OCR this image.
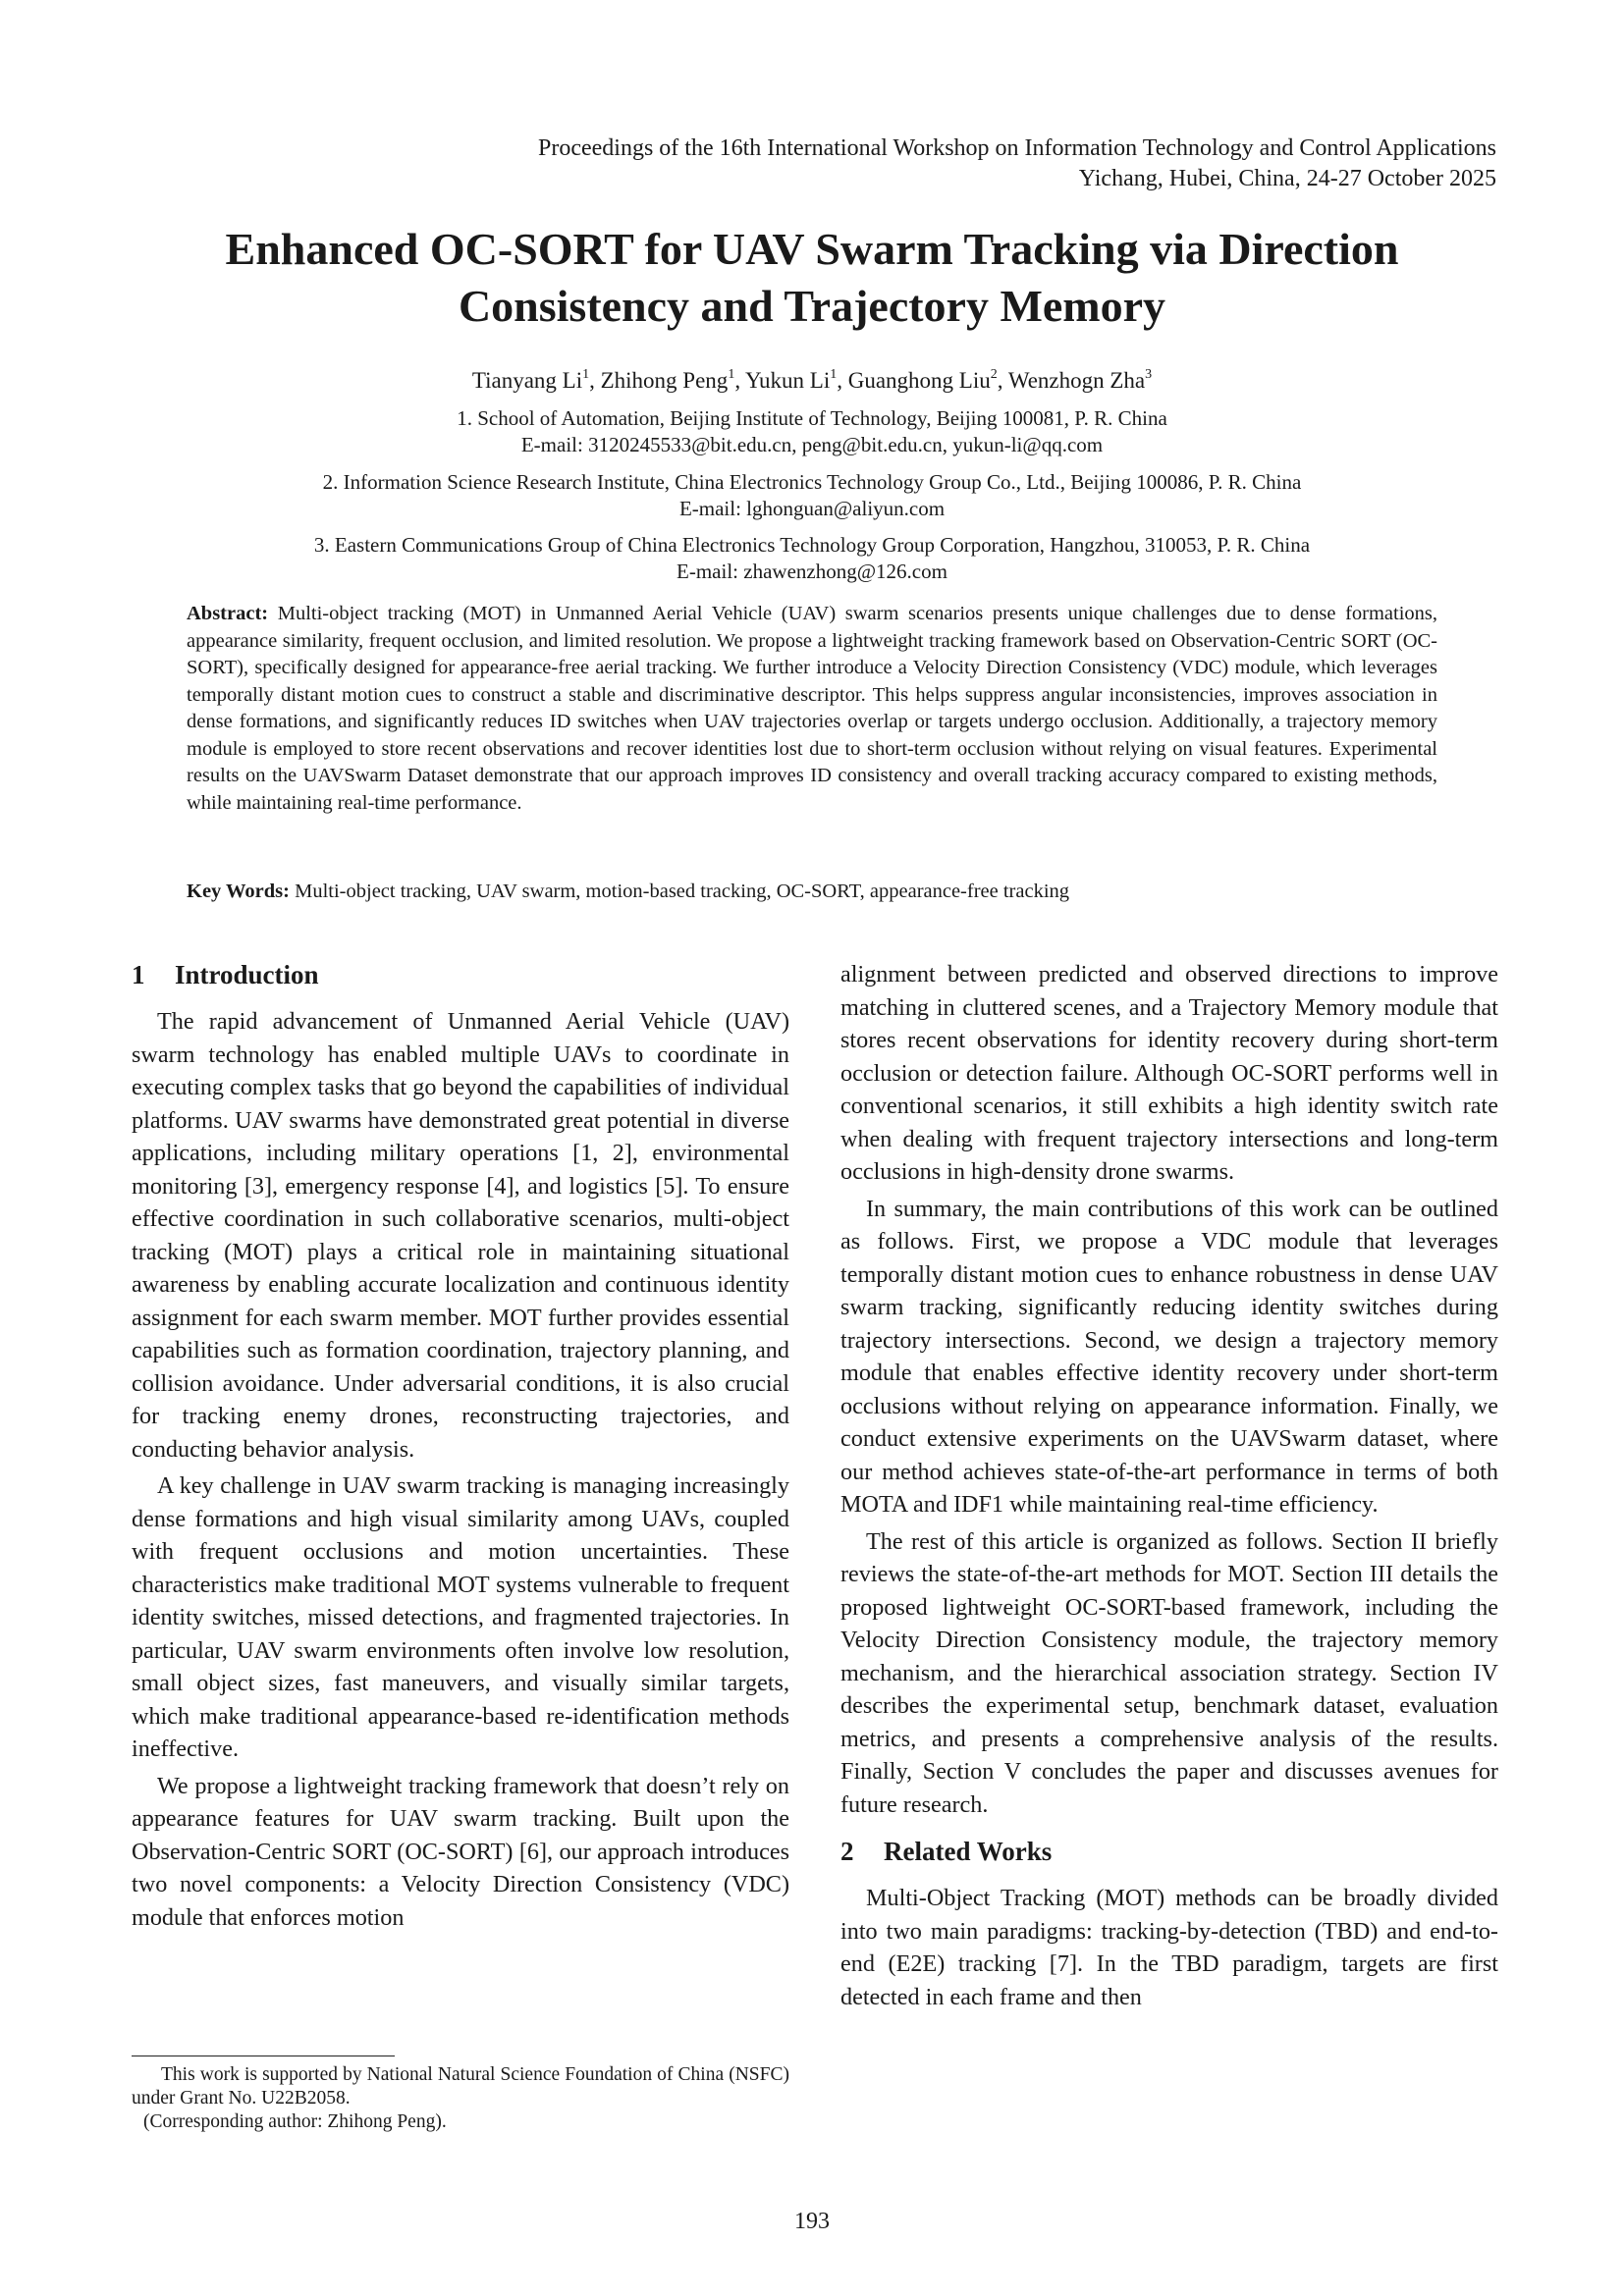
Proceedings of the 16th International Workshop on Information Technology and Control Applications
Yichang, Hubei, China, 24-27 October 2025
Enhanced OC-SORT for UAV Swarm Tracking via Direction
Consistency and Trajectory Memory
Tianyang Li$^1$, Zhihong Peng$^1$, Yukun Li$^1$, Guanghong Liu$^2$, Wenzhogn Zha$^3$
1. School of Automation, Beijing Institute of Technology, Beijing 100081, P. R. China
E-mail: 3120245533@bit.edu.cn, peng@bit.edu.cn, yukun-li@qq.com
2. Information Science Research Institute, China Electronics Technology Group Co., Ltd., Beijing 100086, P. R. China
E-mail: lghonguan@aliyun.com
3. Eastern Communications Group of China Electronics Technology Group Corporation, Hangzhou, 310053, P. R. China
E-mail: zhawenzhong@126.com
Abstract: Multi-object tracking (MOT) in Unmanned Aerial Vehicle (UAV) swarm scenarios presents unique challenges due to dense formations, appearance similarity, frequent occlusion, and limited resolution. We propose a lightweight tracking framework based on Observation-Centric SORT (OC-SORT), specifically designed for appearance-free aerial tracking. We further introduce a Velocity Direction Consistency (VDC) module, which leverages temporally distant motion cues to construct a stable and discriminative descriptor. This helps suppress angular inconsistencies, improves association in dense formations, and significantly reduces ID switches when UAV trajectories overlap or targets undergo occlusion. Additionally, a trajectory memory module is employed to store recent observations and recover identities lost due to short-term occlusion without relying on visual features. Experimental results on the UAVSwarm Dataset demonstrate that our approach improves ID consistency and overall tracking accuracy compared to existing methods, while maintaining real-time performance.
Key Words: Multi-object tracking, UAV swarm, motion-based tracking, OC-SORT, appearance-free tracking
1 Introduction

The rapid advancement of Unmanned Aerial Vehicle (UAV) swarm technology has enabled multiple UAVs to coordinate in executing complex tasks that go beyond the capabilities of individual platforms. UAV swarms have demonstrated great potential in diverse applications, including military operations [1, 2], environmental monitoring [3], emergency response [4], and logistics [5]. To ensure effective coordination in such collaborative scenarios, multi-object tracking (MOT) plays a critical role in maintaining situational awareness by enabling accurate localization and continuous identity assignment for each swarm member. MOT further provides essential capabilities such as formation coordination, trajectory planning, and collision avoidance. Under adversarial conditions, it is also crucial for tracking enemy drones, reconstructing trajectories, and conducting behavior analysis.

A key challenge in UAV swarm tracking is managing increasingly dense formations and high visual similarity among UAVs, coupled with frequent occlusions and motion uncertainties. These characteristics make traditional MOT systems vulnerable to frequent identity switches, missed detections, and fragmented trajectories. In particular, UAV swarm environments often involve low resolution, small object sizes, fast maneuvers, and visually similar targets, which make traditional appearance-based re-identification methods ineffective.

We propose a lightweight tracking framework that doesn’t rely on appearance features for UAV swarm tracking. Built upon the Observation-Centric SORT (OC-SORT) [6], our approach introduces two novel components: a Velocity Direction Consistency (VDC) module that enforces motion

This work is supported by National Natural Science Foundation of China (NSFC) under Grant No. U22B2058.
(Corresponding author: Zhihong Peng).

alignment between predicted and observed directions to improve matching in cluttered scenes, and a Trajectory Memory module that stores recent observations for identity recovery during short-term occlusion or detection failure. Although OC-SORT performs well in conventional scenarios, it still exhibits a high identity switch rate when dealing with frequent trajectory intersections and long-term occlusions in high-density drone swarms.

In summary, the main contributions of this work can be outlined as follows. First, we propose a VDC module that leverages temporally distant motion cues to enhance robustness in dense UAV swarm tracking, significantly reducing identity switches during trajectory intersections. Second, we design a trajectory memory module that enables effective identity recovery under short-term occlusions without relying on appearance information. Finally, we conduct extensive experiments on the UAVSwarm dataset, where our method achieves state-of-the-art performance in terms of both MOTA and IDF1 while maintaining real-time efficiency.

The rest of this article is organized as follows. Section II briefly reviews the state-of-the-art methods for MOT. Section III details the proposed lightweight OC-SORT-based framework, including the Velocity Direction Consistency module, the trajectory memory mechanism, and the hierarchical association strategy. Section IV describes the experimental setup, benchmark dataset, evaluation metrics, and presents a comprehensive analysis of the results. Finally, Section V concludes the paper and discusses avenues for future research.

2 Related Works

Multi-Object Tracking (MOT) methods can be broadly divided into two main paradigms: tracking-by-detection (TBD) and end-to-end (E2E) tracking [7]. In the TBD paradigm, targets are first detected in each frame and then

193
